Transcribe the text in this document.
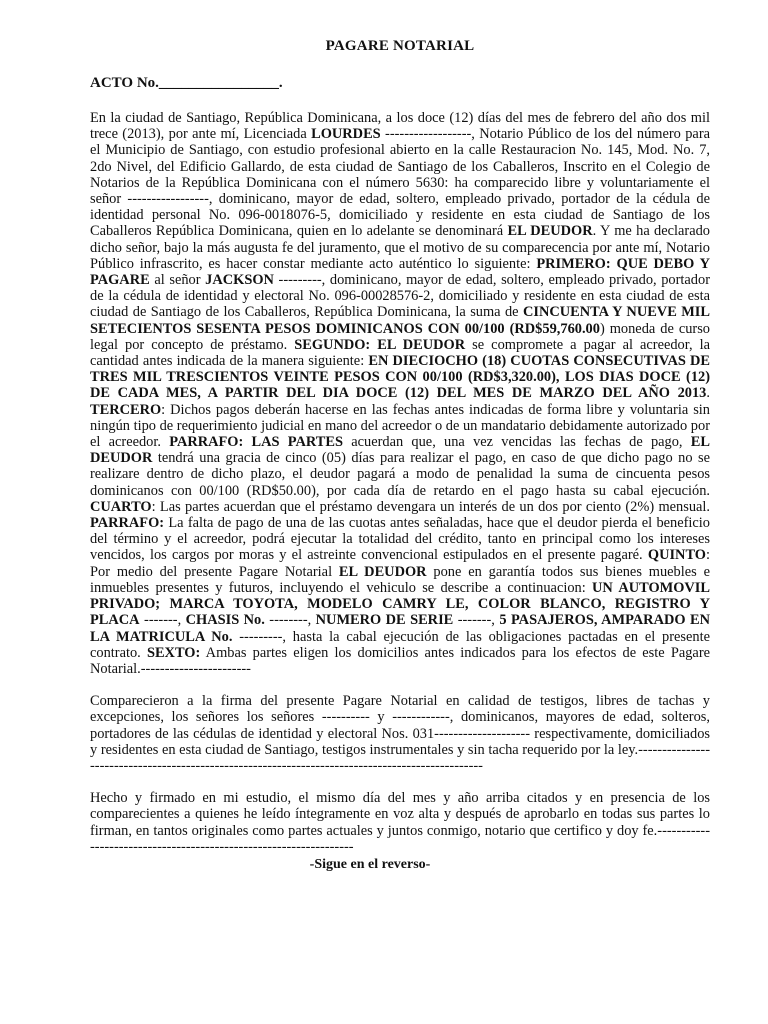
PAGARE NOTARIAL
ACTO No.________________.

En la ciudad de Santiago, República Dominicana, a los doce (12) días del mes de febrero del año dos mil trece (2013), por ante mí, Licenciada LOURDES ------------------, Notario Público de los del número para el Municipio de Santiago, con estudio profesional abierto en la calle Restauracion No. 145, Mod. No. 7, 2do Nivel, del Edificio Gallardo, de esta ciudad de Santiago de los Caballeros, Inscrito en el Colegio de Notarios de la República Dominicana con el número 5630: ha comparecido libre y voluntariamente el señor -----------------, dominicano, mayor de edad, soltero, empleado privado, portador de la cédula de identidad personal No. 096-0018076-5, domiciliado y residente en esta ciudad de Santiago de los Caballeros República Dominicana, quien en lo adelante se denominará EL DEUDOR. Y me ha declarado dicho señor, bajo la más augusta fe del juramento, que el motivo de su comparecencia por ante mí, Notario Público infrascrito, es hacer constar mediante acto auténtico lo siguiente: PRIMERO: QUE DEBO Y PAGARE al señor JACKSON ---------, dominicano, mayor de edad, soltero, empleado privado, portador de la cédula de identidad y electoral No. 096-00028576-2, domiciliado y residente en esta ciudad de esta ciudad de Santiago de los Caballeros, República Dominicana, la suma de CINCUENTA Y NUEVE MIL SETECIENTOS SESENTA PESOS DOMINICANOS CON 00/100 (RD$59,760.00) moneda de curso legal por concepto de préstamo. SEGUNDO: EL DEUDOR se compromete a pagar al acreedor, la cantidad antes indicada de la manera siguiente: EN DIECIOCHO (18) CUOTAS CONSECUTIVAS DE TRES MIL TRESCIENTOS VEINTE PESOS CON 00/100 (RD$3,320.00), LOS DIAS DOCE (12) DE CADA MES, A PARTIR DEL DIA DOCE (12) DEL MES DE MARZO DEL AÑO 2013. TERCERO: Dichos pagos deberán hacerse en las fechas antes indicadas de forma libre y voluntaria sin ningún tipo de requerimiento judicial en mano del acreedor o de un mandatario debidamente autorizado por el acreedor. PARRAFO: LAS PARTES acuerdan que, una vez vencidas las fechas de pago, EL DEUDOR tendrá una gracia de cinco (05) días para realizar el pago, en caso de que dicho pago no se realizare dentro de dicho plazo, el deudor pagará a modo de penalidad la suma de cincuenta pesos dominicanos con 00/100 (RD$50.00), por cada día de retardo en el pago hasta su cabal ejecución. CUARTO: Las partes acuerdan que el préstamo devengara un interés de un dos por ciento (2%) mensual. PARRAFO: La falta de pago de una de las cuotas antes señaladas, hace que el deudor pierda el beneficio del término y el acreedor, podrá ejecutar la totalidad del crédito, tanto en principal como los intereses vencidos, los cargos por moras y el astreinte convencional estipulados en el presente pagaré. QUINTO: Por medio del presente Pagare Notarial EL DEUDOR pone en garantía todos sus bienes muebles e inmuebles presentes y futuros, incluyendo el vehiculo se describe a continuacion: UN AUTOMOVIL PRIVADO; MARCA TOYOTA, MODELO CAMRY LE, COLOR BLANCO, REGISTRO Y PLACA -------, CHASIS No. --------, NUMERO DE SERIE -------, 5 PASAJEROS, AMPARADO EN LA MATRICULA No. ---------, hasta la cabal ejecución de las obligaciones pactadas en el presente contrato. SEXTO: Ambas partes eligen los domicilios antes indicados para los efectos de este Pagare Notarial.-----------------------

Comparecieron a la firma del presente Pagare Notarial en calidad de testigos, libres de tachas y excepciones, los señores los señores ---------- y ------------, dominicanos, mayores de edad, solteros, portadores de las cédulas de identidad y electoral Nos. 031-------------------- respectivamente, domiciliados y residentes en esta ciudad de Santiago, testigos instrumentales y sin tacha requerido por la ley.-------------------------------------------------------------------------------------------------

Hecho y firmado en mi estudio, el mismo día del mes y año arriba citados y en presencia de los comparecientes a quienes he leído íntegramente en voz alta y después de aprobarlo en todas sus partes lo firman, en tantos originales como partes actuales y juntos conmigo, notario que certifico y doy fe.------------------------------------------------------------------

-Sigue en el reverso-
